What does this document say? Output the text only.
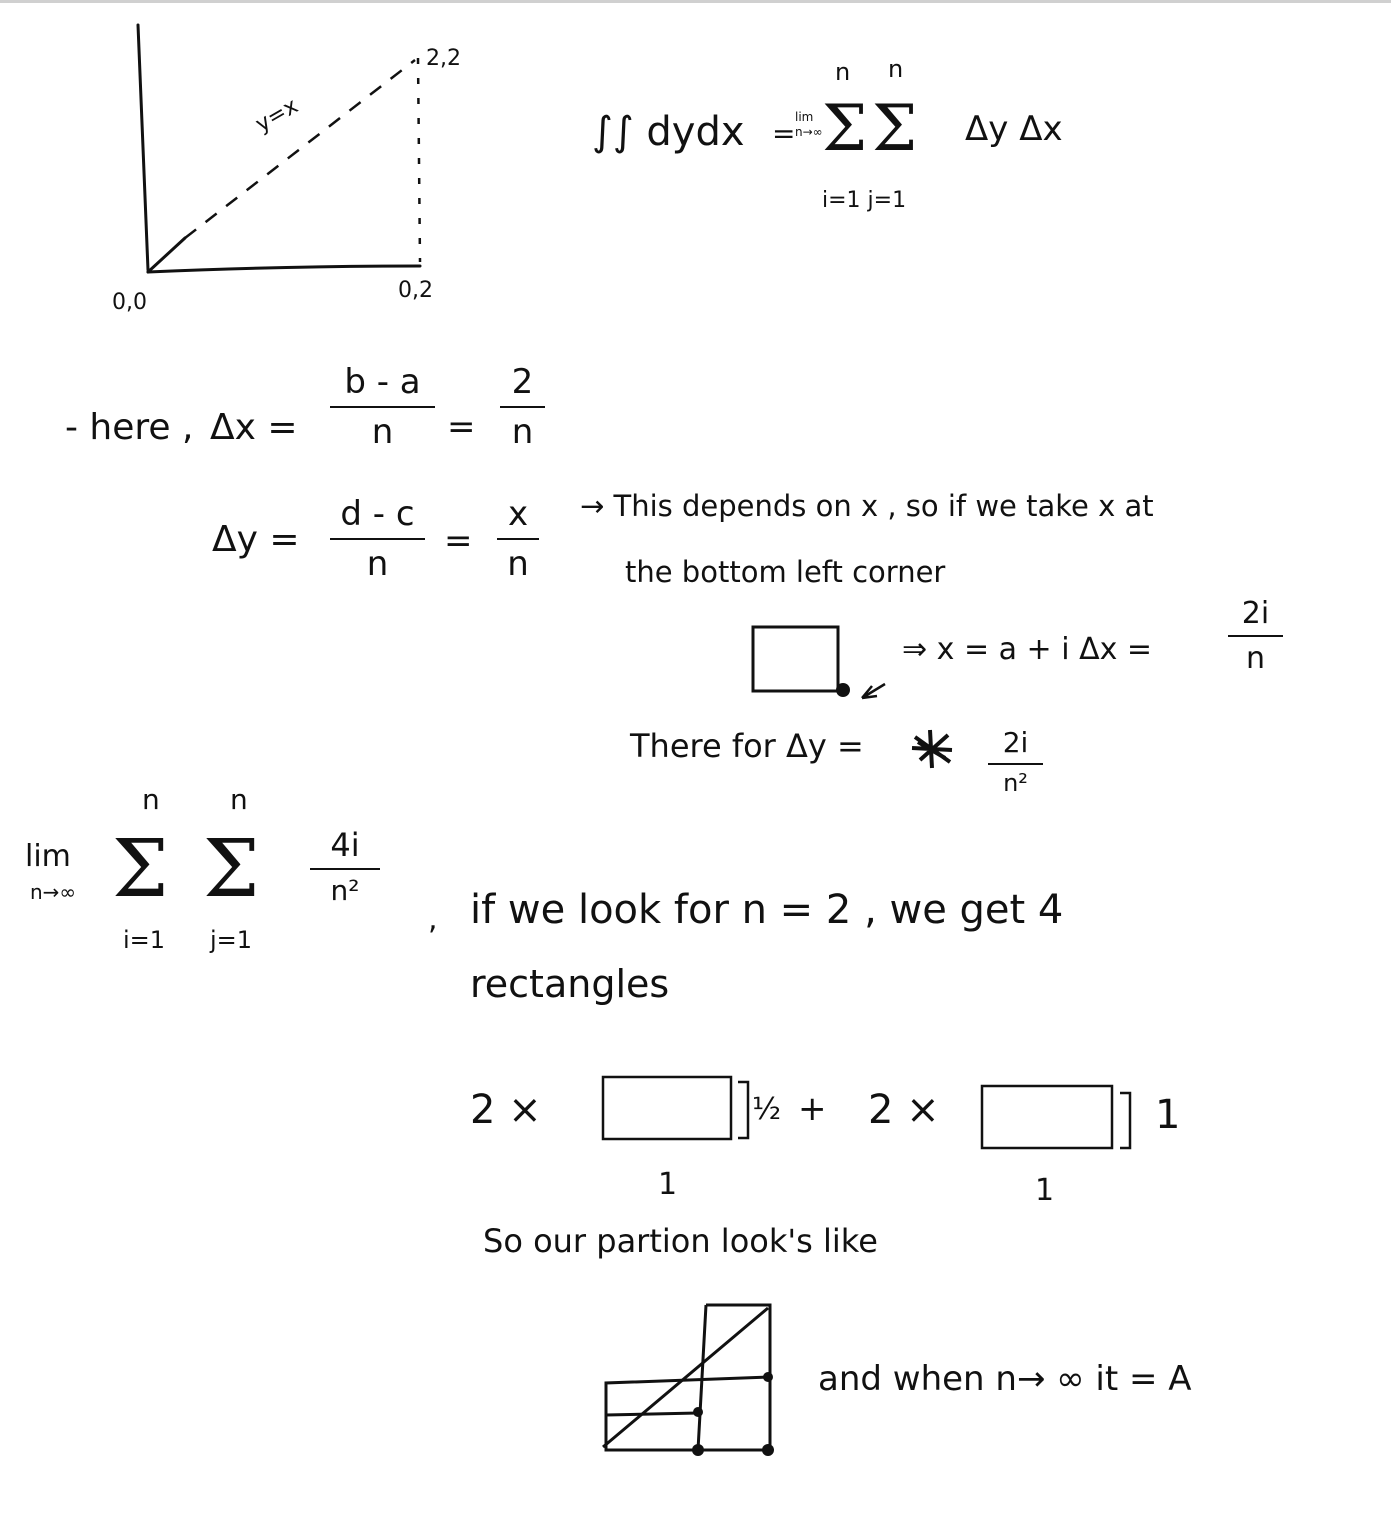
0,0
2,2
0,2
y=x	∫∫ dydx = lim
n→∞
n n
Σ Σ
i=1 j=1
Δy Δx
- here , Δx =
b - a
n	=
2
n
Δy =
d - c
n
=
x
n
→ This depends on x , so if we take x at
the bottom left corner
⇒ x = a + i Δx =
2i
n
There for Δy =	2i
n²
lim
n→∞
n	n
Σ Σ
i=1 j=1
4i
n²
, if we look for n = 2 , we get 4
rectangles
2 ×	½ + 2 ×	1
1	1
So our partion look's like
and when n→ ∞ it = A
